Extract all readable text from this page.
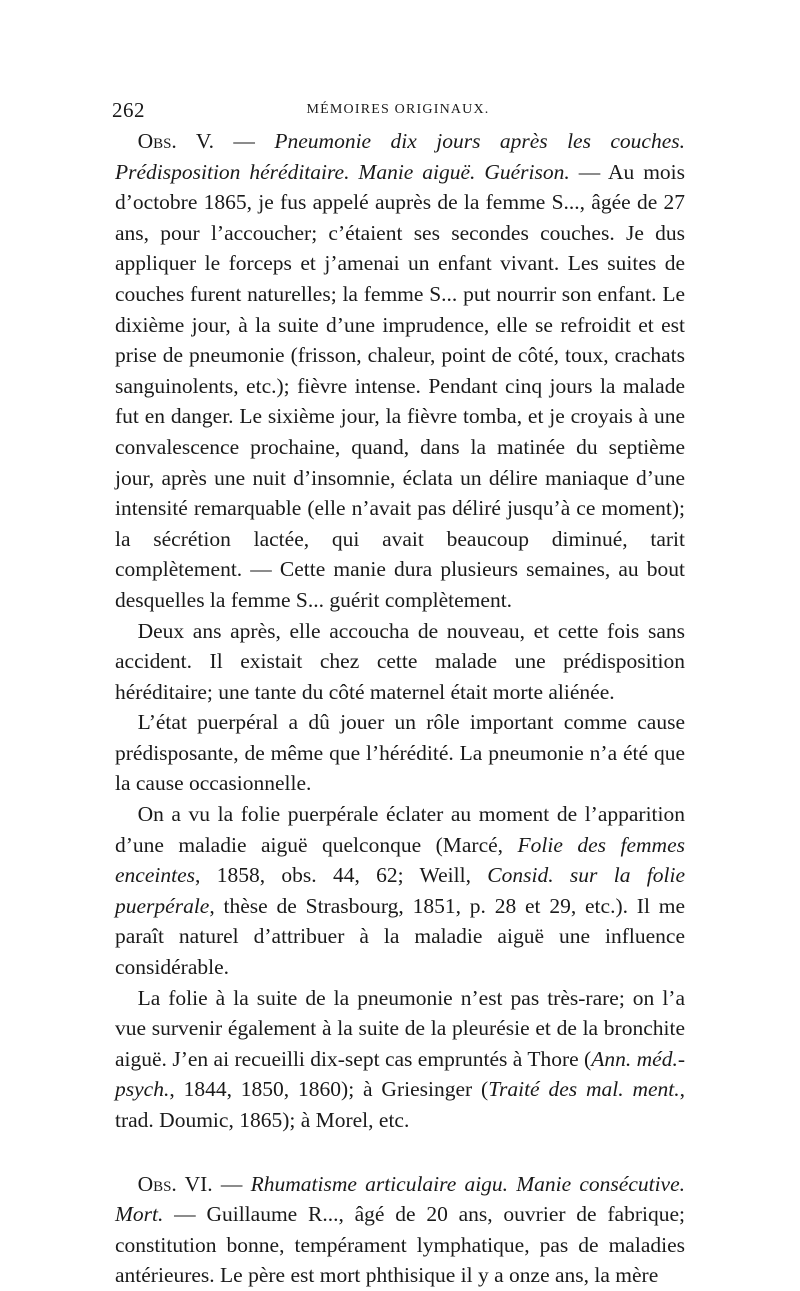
262	MÉMOIRES ORIGINAUX.

Obs. V. — Pneumonie dix jours après les couches. Prédisposition héréditaire. Manie aiguë. Guérison. — Au mois d’octobre 1865, je fus appelé auprès de la femme S..., âgée de 27 ans, pour l’accoucher; c’étaient ses secondes couches. Je dus appliquer le forceps et j’amenai un enfant vivant. Les suites de couches furent naturelles; la femme S... put nourrir son enfant. Le dixième jour, à la suite d’une imprudence, elle se refroidit et est prise de pneumonie (frisson, chaleur, point de côté, toux, crachats sanguinolents, etc.); fièvre intense. Pendant cinq jours la malade fut en danger. Le sixième jour, la fièvre tomba, et je croyais à une convalescence prochaine, quand, dans la matinée du septième jour, après une nuit d’insomnie, éclata un délire maniaque d’une intensité remarquable (elle n’avait pas déliré jusqu’à ce moment); la sécrétion lactée, qui avait beaucoup diminué, tarit complètement. — Cette manie dura plusieurs semaines, au bout desquelles la femme S... guérit complètement.

Deux ans après, elle accoucha de nouveau, et cette fois sans accident. Il existait chez cette malade une prédisposition héréditaire; une tante du côté maternel était morte aliénée.

L’état puerpéral a dû jouer un rôle important comme cause prédisposante, de même que l’hérédité. La pneumonie n’a été que la cause occasionnelle.

On a vu la folie puerpérale éclater au moment de l’apparition d’une maladie aiguë quelconque (Marcé, Folie des femmes enceintes, 1858, obs. 44, 62; Weill, Consid. sur la folie puerpérale, thèse de Strasbourg, 1851, p. 28 et 29, etc.). Il me paraît naturel d’attribuer à la maladie aiguë une influence considérable.

La folie à la suite de la pneumonie n’est pas très-rare; on l’a vue survenir également à la suite de la pleurésie et de la bronchite aiguë. J’en ai recueilli dix-sept cas empruntés à Thore (Ann. méd.-psych., 1844, 1850, 1860); à Griesinger (Traité des mal. ment., trad. Doumic, 1865); à Morel, etc.

Obs. VI. — Rhumatisme articulaire aigu. Manie consécutive. Mort. — Guillaume R..., âgé de 20 ans, ouvrier de fabrique; constitution bonne, tempérament lymphatique, pas de maladies antérieures. Le père est mort phthisique il y a onze ans, la mère
